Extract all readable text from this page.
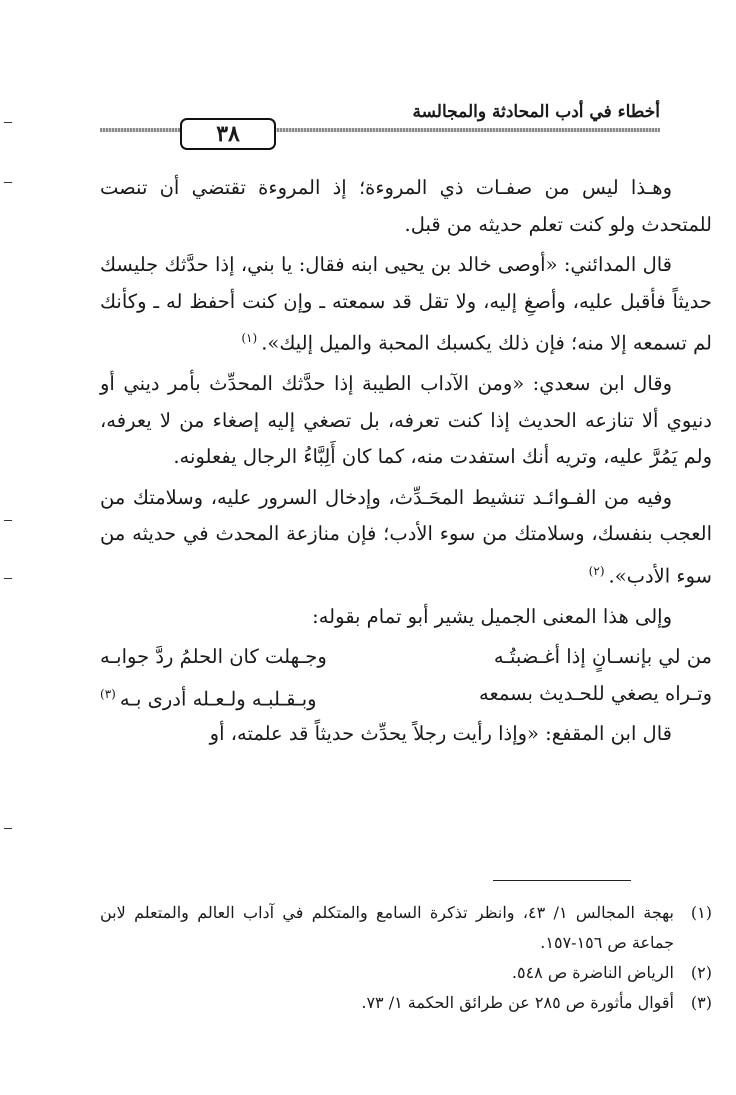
أخطاء في أدب المحادثة والمجالسة
٣٨

وهـذا ليس من صفـات ذي المروءة؛ إذ المروءة تقتضي أن تنصت للمتحدث ولو كنت تعلم حديثه من قبل.

قال المدائني: «أوصى خالد بن يحيى ابنه فقال: يا بني، إذا حدَّثك جليسك حديثاً فأقبل عليه، وأصغِ إليه، ولا تقل قد سمعته ـ وإن كنت أحفظ له ـ وكأنك لم تسمعه إلا منه؛ فإن ذلك يكسبك المحبة والميل إليك».$^{(١)}$

وقال ابن سعدي: «ومن الآداب الطيبة إذا حدَّثك المحدِّث بأمر ديني أو دنيوي ألا تنازعه الحديث إذا كنت تعرفه، بل تصغي إليه إصغاء من لا يعرفه، ولم يَمُرَّ عليه، وتريه أنك استفدت منه، كما كان أَلِبَّاءُ الرجال يفعلونه.

وفيه من الفـوائـد تنشيط المحَـدِّث، وإدخال السرور عليه، وسلامتك من العجب بنفسك، وسلامتك من سوء الأدب؛ فإن منازعة المحدث في حديثه من سوء الأدب».$^{(٢)}$

وإلى هذا المعنى الجميل يشير أبو تمام بقوله:

من لي بإنسـانٍ إذا أغـضبتُـه
وجـهلت كان الحلمُ ردَّ جوابـه
وتـراه يصغي للحـديث بسمعه
وبـقـلبـه ولـعـله أدرى بـه$^{(٣)}$

قال ابن المقفع: «وإذا رأيت رجلاً يحدِّث حديثاً قد علمته، أو

(١)
بهجة المجالس ١/ ٤٣، وانظر تذكرة السامع والمتكلم في آداب العالم والمتعلم لابن جماعة ص ١٥٦-١٥٧.
(٢)
الرياض الناضرة ص ٥٤٨.
(٣)
أقوال مأثورة ص ٢٨٥ عن طرائق الحكمة ١/ ٧٣.
